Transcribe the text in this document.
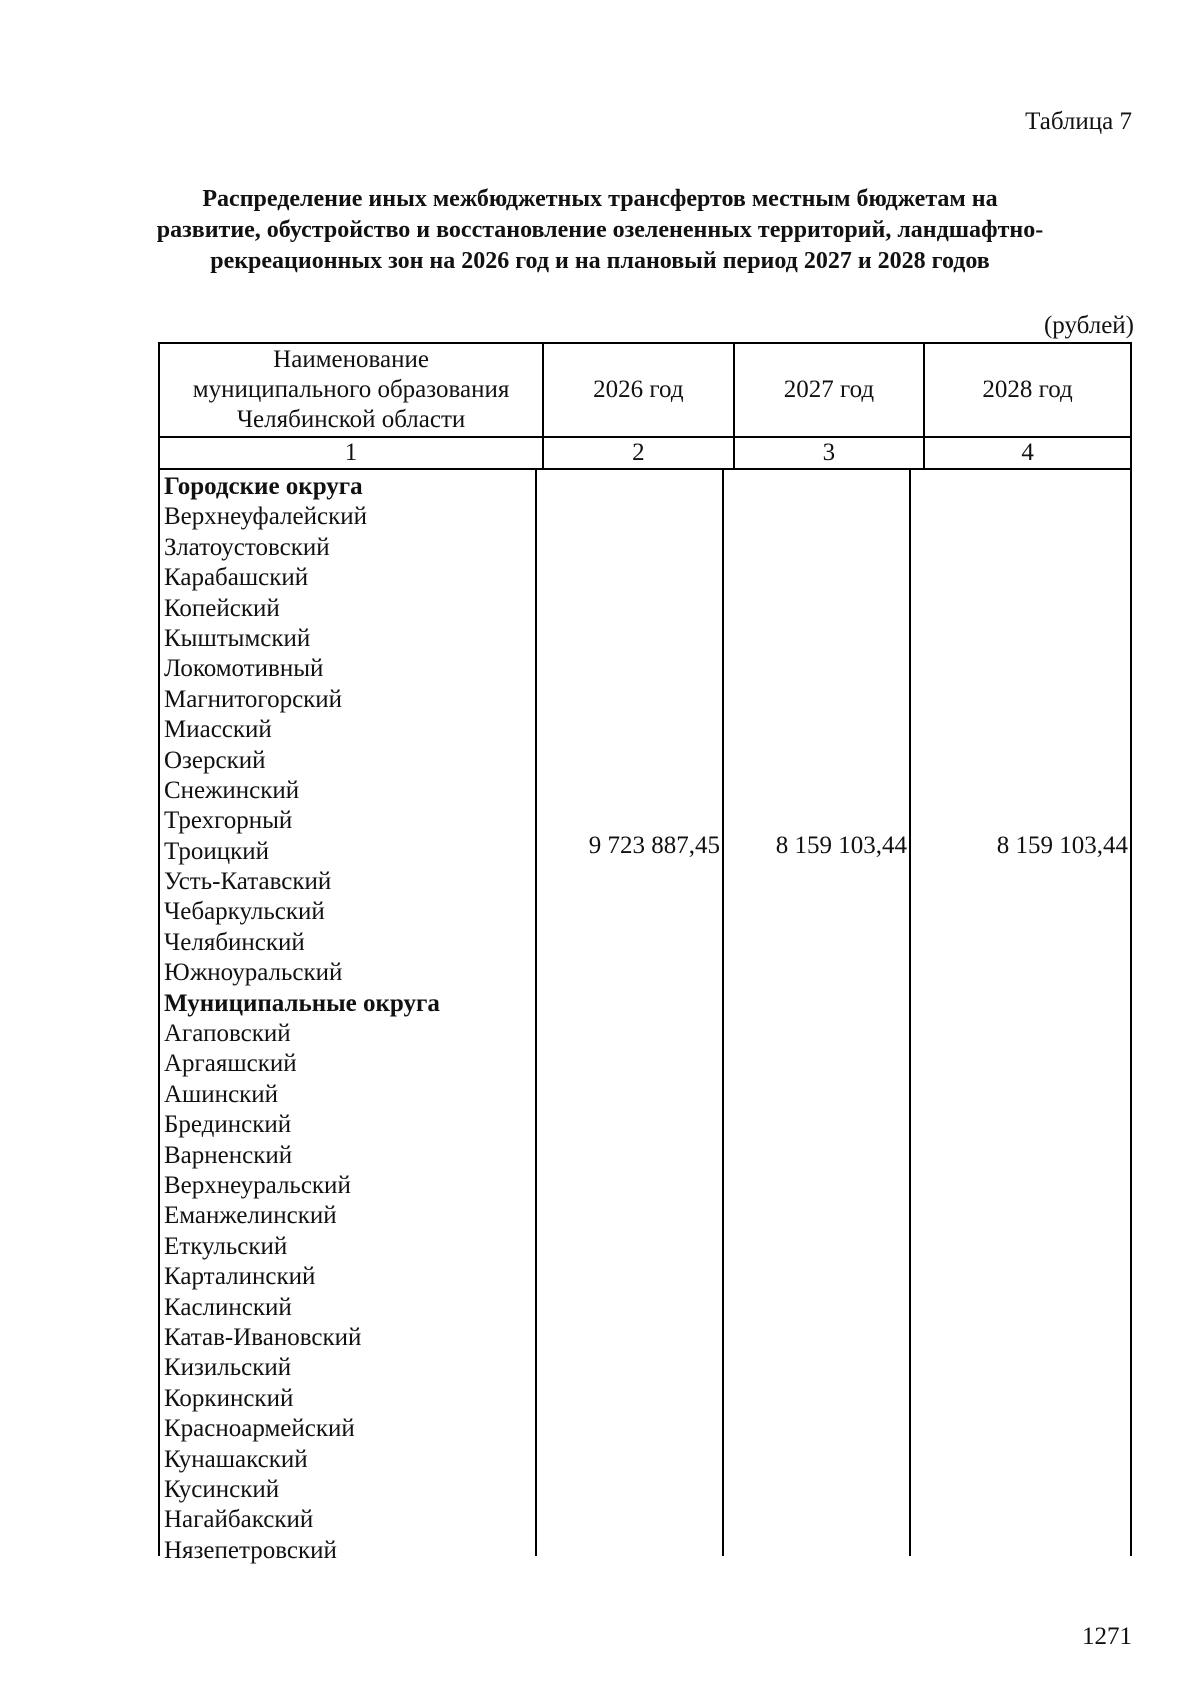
Таблица 7
Распределение иных межбюджетных трансфертов местным бюджетам на
развитие, обустройство и восстановление озелененных территорий, ландшафтно-
рекреационных зон на 2026 год и на плановый период 2027 и 2028 годов
(рублей)
Наименование
муниципального образования
Челябинской области	2026 год	2027 год	2028 год
1	2	3	4
Городские округа
Верхнеуфалейский
Златоустовский
Карабашский
Копейский
Кыштымский
Локомотивный
Магнитогорский
Миасский
Озерский
Снежинский
Трехгорный
Троицкий
Усть-Катавский
Чебаркульский
Челябинский
Южноуральский
Муниципальные округа
Агаповский
Аргаяшский
Ашинский
Брединский
Варненский
Верхнеуральский
Еманжелинский
Еткульский
Карталинский
Каслинский
Катав-Ивановский
Кизильский
Коркинский
Красноармейский
Кунашакский
Кусинский
Нагайбакский
Нязепетровский
9 723 887,45	8 159 103,44	8 159 103,44
1271
